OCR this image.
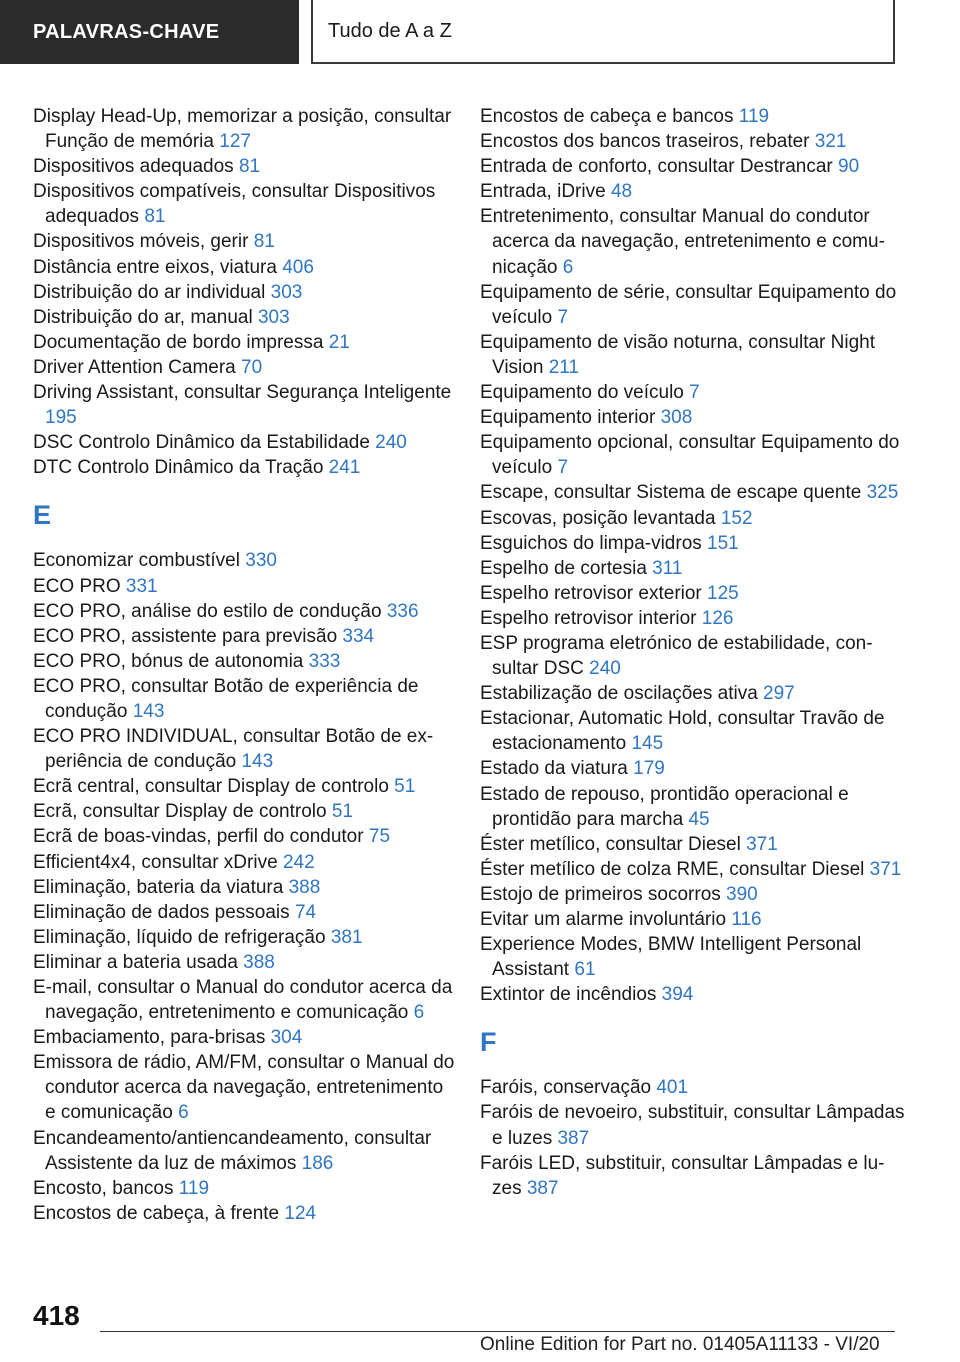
PALAVRAS-CHAVE	Tudo de A a Z
Display Head-Up, memorizar a posição, consultar Função de memória 127
Dispositivos adequados 81
Dispositivos compatíveis, consultar Dispositivos adequados 81
Dispositivos móveis, gerir 81
Distância entre eixos, viatura 406
Distribuição do ar individual 303
Distribuição do ar, manual 303
Documentação de bordo impressa 21
Driver Attention Camera 70
Driving Assistant, consultar Segurança Inteligente 195
DSC Controlo Dinâmico da Estabilidade 240
DTC Controlo Dinâmico da Tração 241
E
Economizar combustível 330
ECO PRO 331
ECO PRO, análise do estilo de condução 336
ECO PRO, assistente para previsão 334
ECO PRO, bónus de autonomia 333
ECO PRO, consultar Botão de experiência de condução 143
ECO PRO INDIVIDUAL, consultar Botão de experiência de condução 143
Ecrã central, consultar Display de controlo 51
Ecrã, consultar Display de controlo 51
Ecrã de boas-vindas, perfil do condutor 75
Efficient4x4, consultar xDrive 242
Eliminação, bateria da viatura 388
Eliminação de dados pessoais 74
Eliminação, líquido de refrigeração 381
Eliminar a bateria usada 388
E-mail, consultar o Manual do condutor acerca da navegação, entretenimento e comunicação 6
Embaciamento, para-brisas 304
Emissora de rádio, AM/FM, consultar o Manual do condutor acerca da navegação, entretenimento e comunicação 6
Encandeamento/antiencandeamento, consultar Assistente da luz de máximos 186
Encosto, bancos 119
Encostos de cabeça, à frente 124
Encostos de cabeça e bancos 119
Encostos dos bancos traseiros, rebater 321
Entrada de conforto, consultar Destrancar 90
Entrada, iDrive 48
Entretenimento, consultar Manual do condutor acerca da navegação, entretenimento e comunicação 6
Equipamento de série, consultar Equipamento do veículo 7
Equipamento de visão noturna, consultar Night Vision 211
Equipamento do veículo 7
Equipamento interior 308
Equipamento opcional, consultar Equipamento do veículo 7
Escape, consultar Sistema de escape quente 325
Escovas, posição levantada 152
Esguichos do limpa-vidros 151
Espelho de cortesia 311
Espelho retrovisor exterior 125
Espelho retrovisor interior 126
ESP programa eletrónico de estabilidade, consultar DSC 240
Estabilização de oscilações ativa 297
Estacionar, Automatic Hold, consultar Travão de estacionamento 145
Estado da viatura 179
Estado de repouso, prontidão operacional e prontidão para marcha 45
Éster metílico, consultar Diesel 371
Éster metílico de colza RME, consultar Diesel 371
Estojo de primeiros socorros 390
Evitar um alarme involuntário 116
Experience Modes, BMW Intelligent Personal Assistant 61
Extintor de incêndios 394
F
Faróis, conservação 401
Faróis de nevoeiro, substituir, consultar Lâmpadas e luzes 387
Faróis LED, substituir, consultar Lâmpadas e luzes 387
418
Online Edition for Part no. 01405A11133 - VI/20
